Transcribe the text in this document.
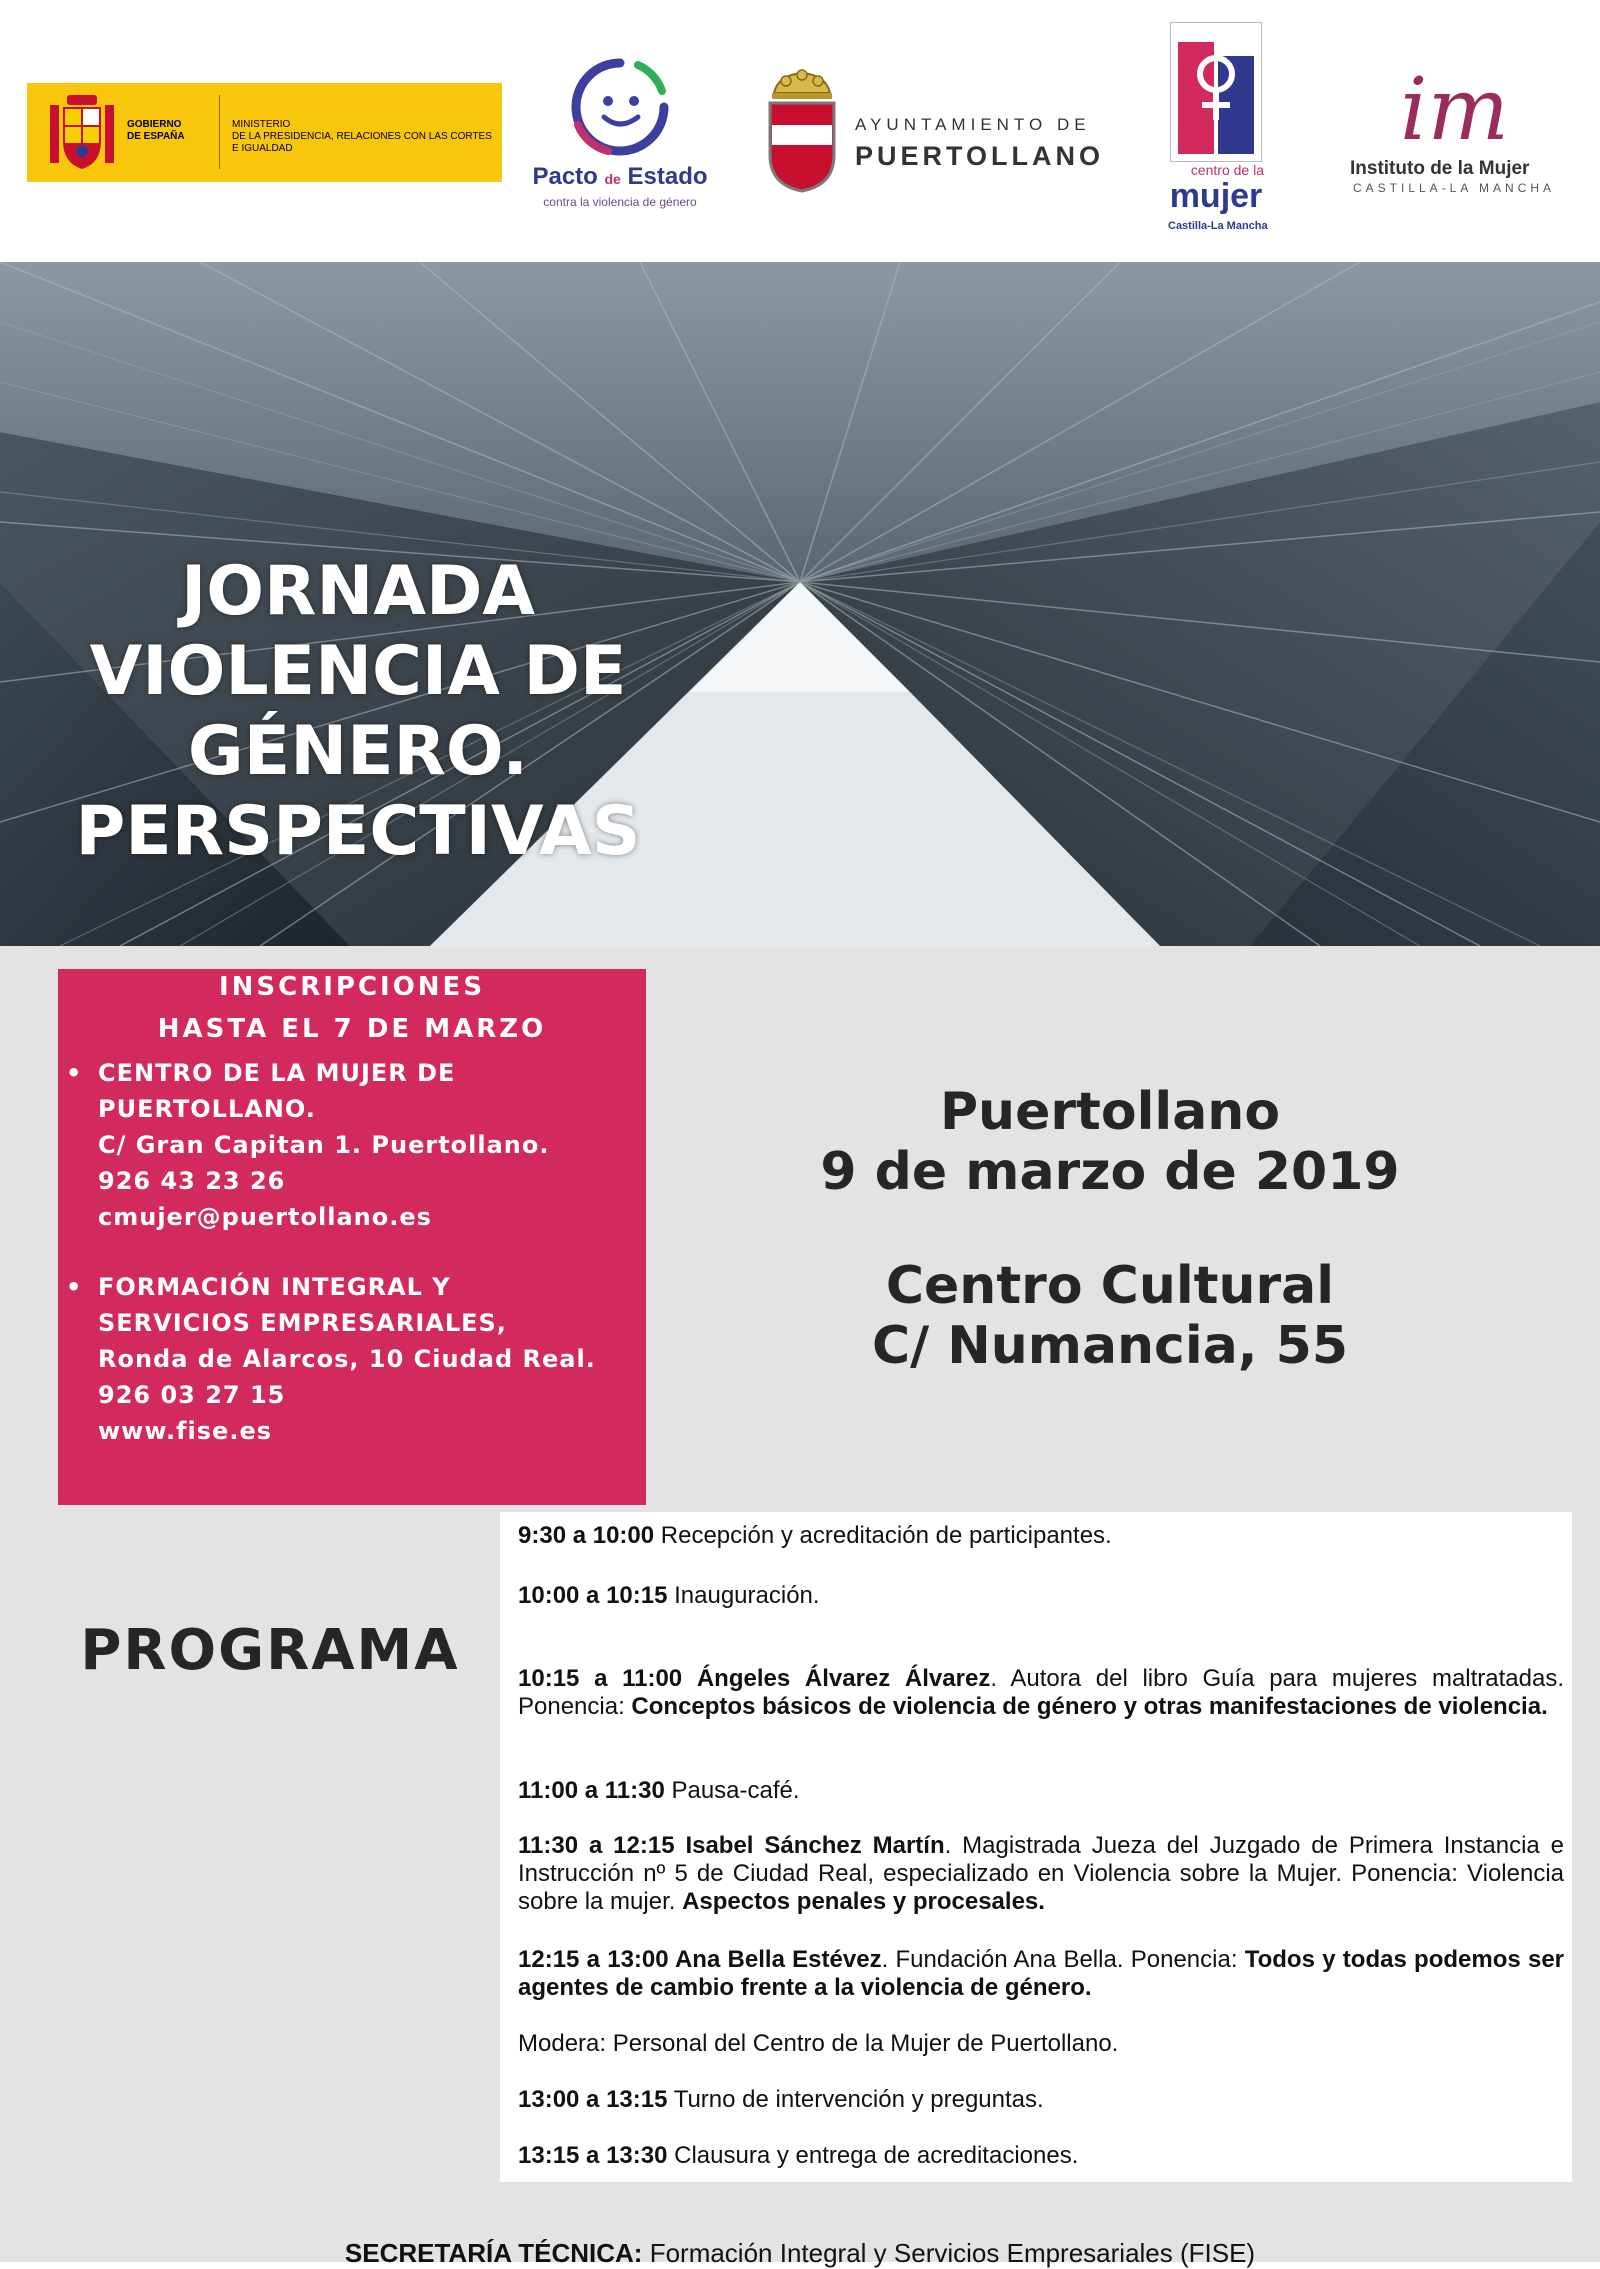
GOBIERNO
DE ESPAÑA
MINISTERIO
DE LA PRESIDENCIA, RELACIONES CON LAS CORTES
E IGUALDAD
Pacto de Estado
contra la violencia de género
AYUNTAMIENTO DE
PUERTOLLANO	centro de la
mujer
Castilla-La Mancha
im
Instituto de la Mujer
CASTILLA-LA MANCHA
JORNADA
VIOLENCIA DE
GÉNERO.
PERSPECTIVAS
INSCRIPCIONES
HASTA EL 7 DE MARZO
• CENTRO DE LA MUJER DE
PUERTOLLANO.
C/ Gran Capitan 1. Puertollano.
926 43 23 26
cmujer@puertollano.es
• FORMACIÓN INTEGRAL Y
SERVICIOS EMPRESARIALES,
Ronda de Alarcos, 10 Ciudad Real.
926 03 27 15
www.fise.es
Puertollano
9 de marzo de 2019
Centro Cultural
C/ Numancia, 55
PROGRAMA
9:30 a 10:00 Recepción y acreditación de participantes.
10:00 a 10:15 Inauguración.
10:15 a 11:00 Ángeles Álvarez Álvarez. Autora del libro Guía para mujeres maltratadas. Ponencia: Conceptos básicos de violencia de género y otras manifestaciones de violencia.
11:00 a 11:30 Pausa-café.
11:30 a 12:15 Isabel Sánchez Martín. Magistrada Jueza del Juzgado de Primera Instancia e Instrucción nº 5 de Ciudad Real, especializado en Violencia sobre la Mujer. Ponencia: Violencia sobre la mujer. Aspectos penales y procesales.
12:15 a 13:00 Ana Bella Estévez. Fundación Ana Bella. Ponencia: Todos y todas podemos ser agentes de cambio frente a la violencia de género.
Modera: Personal del Centro de la Mujer de Puertollano.
13:00 a 13:15 Turno de intervención y preguntas.
13:15 a 13:30 Clausura y entrega de acreditaciones.
SECRETARÍA TÉCNICA: Formación Integral y Servicios Empresariales (FISE)
